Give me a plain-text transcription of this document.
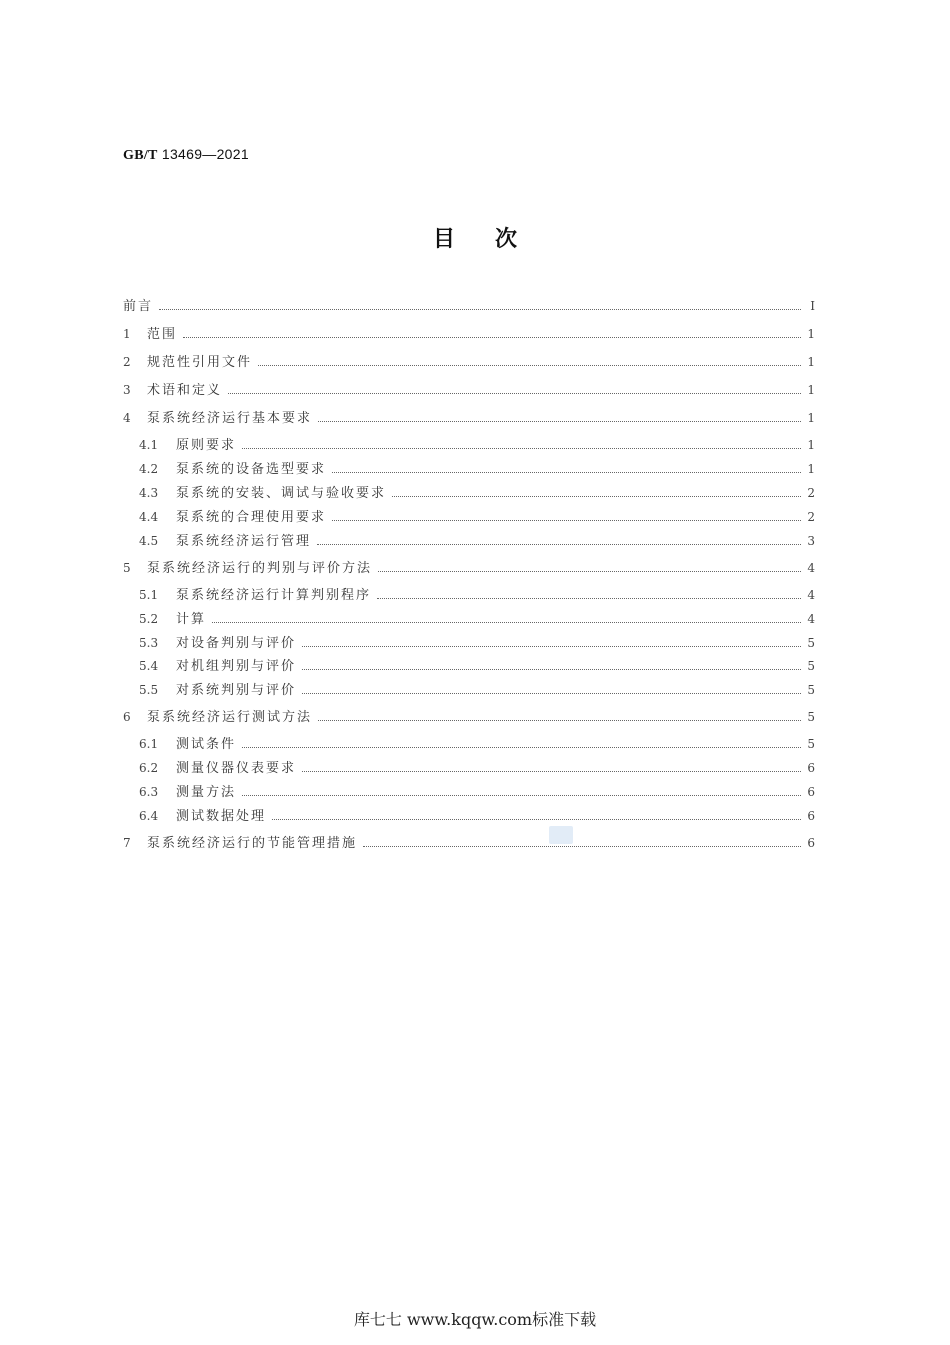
GB/T 13469—2021
目次
前言	Ⅰ
1	范围	1
2	规范性引用文件	1
3	术语和定义	1
4	泵系统经济运行基本要求	1
4.1	原则要求	1
4.2	泵系统的设备选型要求	1
4.3	泵系统的安装、调试与验收要求	2
4.4	泵系统的合理使用要求	2
4.5	泵系统经济运行管理	3
5	泵系统经济运行的判别与评价方法	4
5.1	泵系统经济运行计算判别程序	4
5.2	计算	4
5.3	对设备判别与评价	5
5.4	对机组判别与评价	5
5.5	对系统判别与评价	5
6	泵系统经济运行测试方法	5
6.1	测试条件	5
6.2	测量仪器仪表要求	6
6.3	测量方法	6
6.4	测试数据处理	6
7	泵系统经济运行的节能管理措施	6
库七七 www.kqqw.com标准下载
